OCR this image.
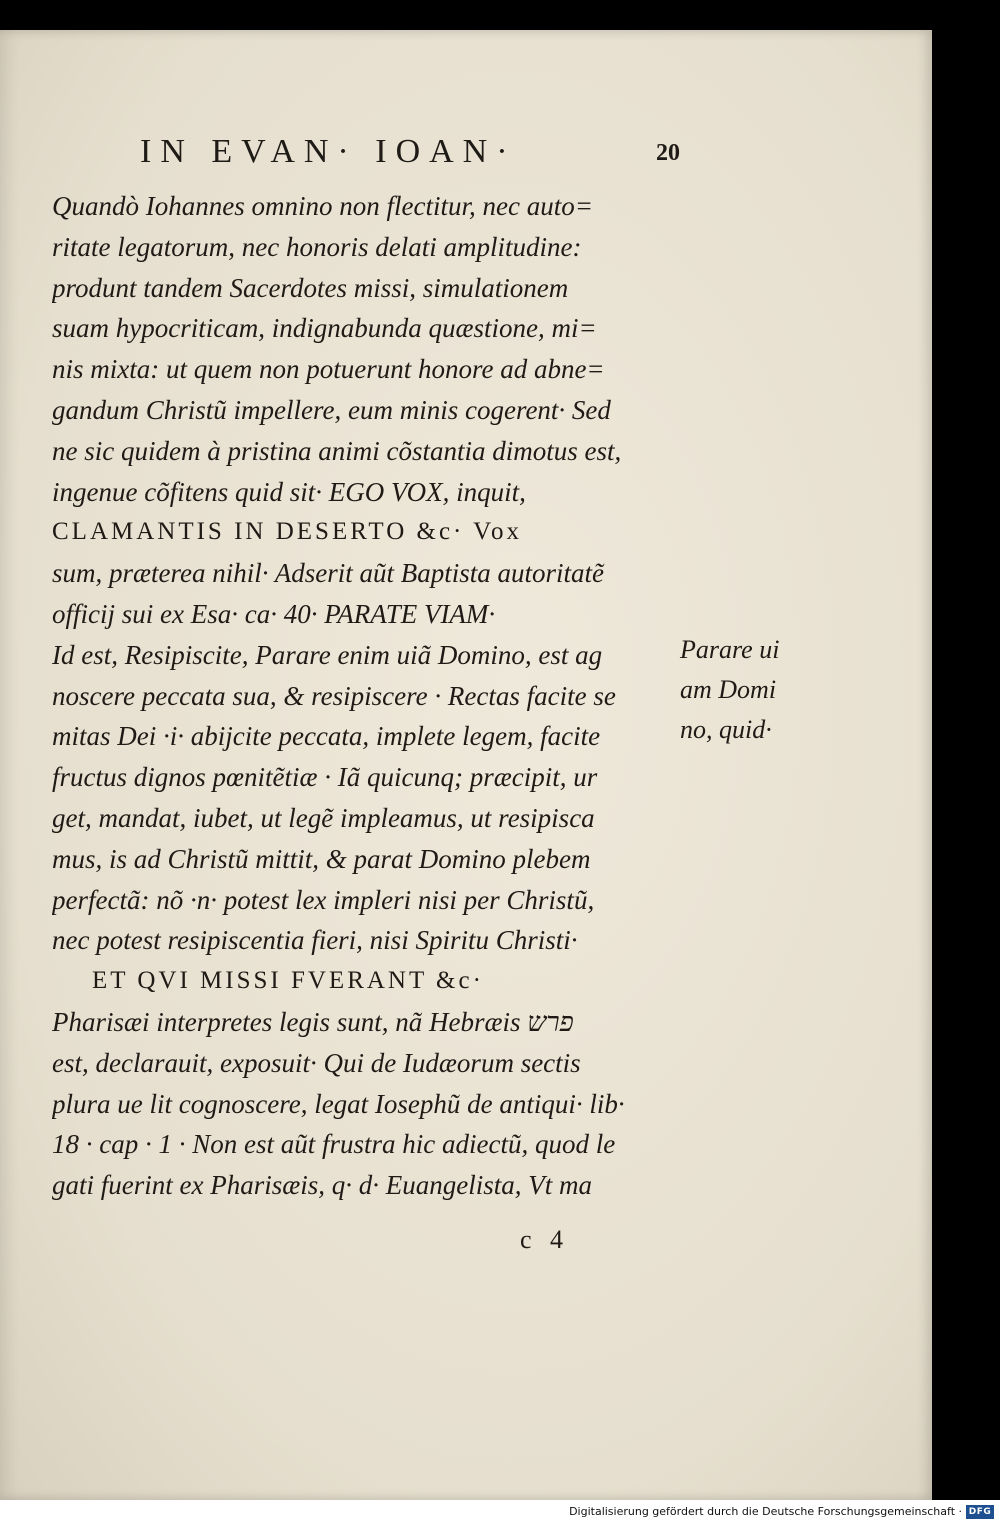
IN EVAN· IOAN·	20
Quandò Iohannes omnino non flectitur, nec auto=
ritate legatorum, nec honoris delati amplitudine:
produnt tandem Sacerdotes missi, simulationem
suam hypocriticam, indignabunda quæstione, mi=
nis mixta: ut quem non potuerunt honore ad abne=
gandum Christũ impellere, eum minis cogerent· Sed
ne sic quidem à pristina animi cõstantia dimotus est,
ingenue cõfitens quid sit· EGO VOX, inquit,
CLAMANTIS IN DESERTO &c· Vox
sum, præterea nihil· Adserit aũt Baptista autoritatẽ
officij sui ex Esa· ca· 40· PARATE VIAM·
Id est, Resipiscite, Parare enim uiã Domino, est ag
noscere peccata sua, & resipiscere · Rectas facite se
mitas Dei ·i· abijcite peccata, implete legem, facite
fructus dignos pœnitẽtiæ · Iã quicunq; præcipit, ur
get, mandat, iubet, ut legẽ impleamus, ut resipisca
mus, is ad Christũ mittit, & parat Domino plebem
perfectã: nõ ·n· potest lex impleri nisi per Christũ,
nec potest resipiscentia fieri, nisi Spiritu Christi·
ET QVI MISSI FVERANT &c·
Pharisæi interpretes legis sunt, nã Hebræis פרש
est, declarauit, exposuit· Qui de Iudæorum sectis
plura ue lit cognoscere, legat Iosephũ de antiqui· lib·
18 · cap · 1 · Non est aũt frustra hic adiectũ, quod le
gati fuerint ex Pharisæis, q· d· Euangelista, Vt ma
Parare ui
am Domi
no, quid·
c 4
Digitalisierung gefördert durch die Deutsche Forschungsgemeinschaft · DFG
